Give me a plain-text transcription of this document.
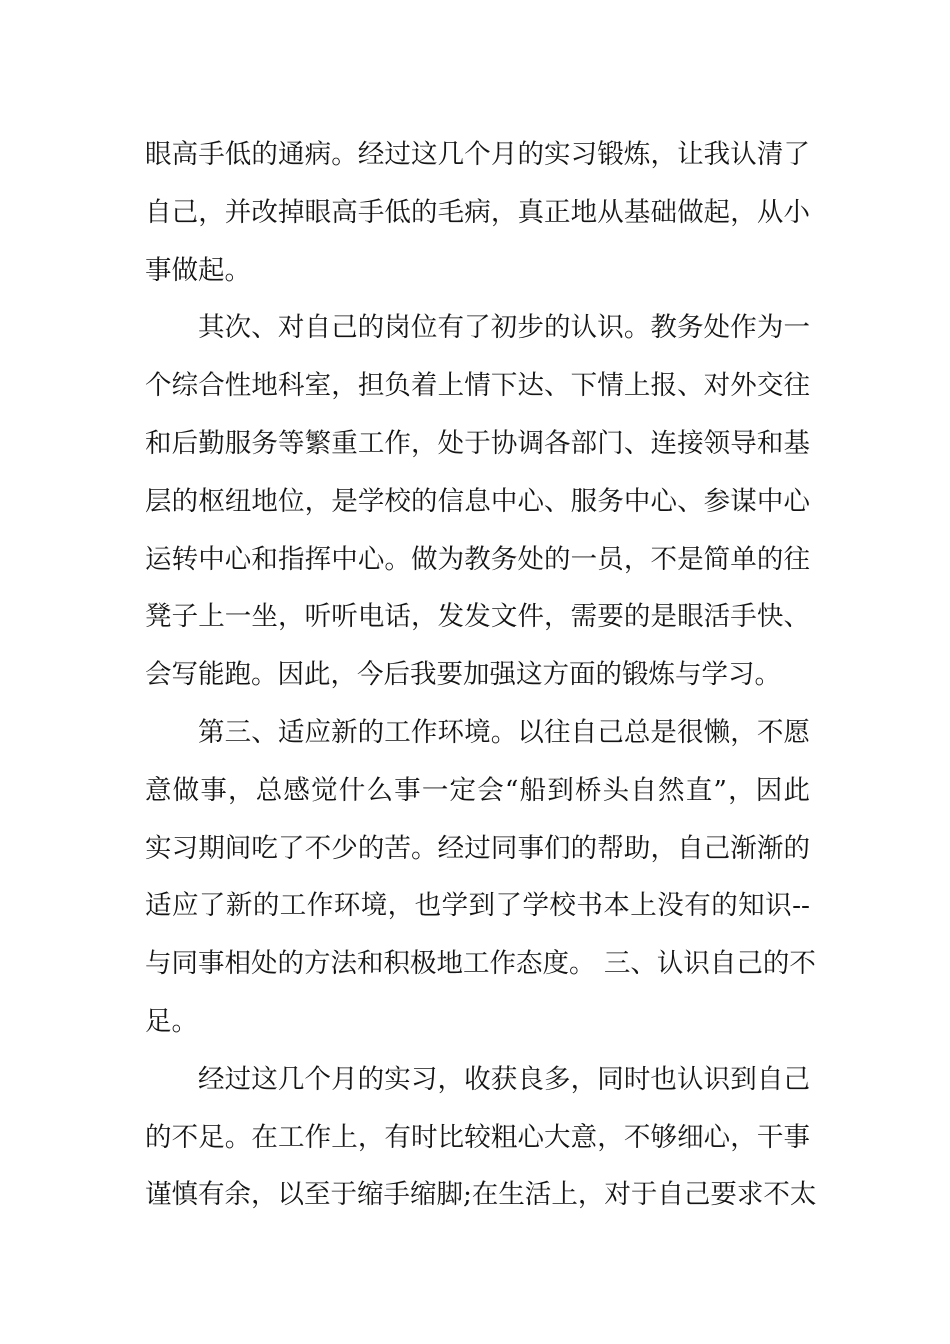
眼高手低的通病。经过这几个月的实习锻炼，让我认清了
自己，并改掉眼高手低的毛病，真正地从基础做起，从小
事做起。
其次、对自己的岗位有了初步的认识。教务处作为一
个综合性地科室，担负着上情下达、下情上报、对外交往
和后勤服务等繁重工作，处于协调各部门、连接领导和基
层的枢纽地位，是学校的信息中心、服务中心、参谋中心
运转中心和指挥中心。做为教务处的一员，不是简单的往
凳子上一坐，听听电话，发发文件，需要的是眼活手快、
会写能跑。因此，今后我要加强这方面的锻炼与学习。
第三、适应新的工作环境。以往自己总是很懒，不愿
意做事，总感觉什么事一定会“船到桥头自然直”，因此
实习期间吃了不少的苦。经过同事们的帮助，自己渐渐的
适应了新的工作环境，也学到了学校书本上没有的知识--
与同事相处的方法和积极地工作态度。 三、认识自己的不
足。
经过这几个月的实习，收获良多，同时也认识到自己
的不足。在工作上，有时比较粗心大意，不够细心，干事
谨慎有余，以至于缩手缩脚;在生活上，对于自己要求不太
